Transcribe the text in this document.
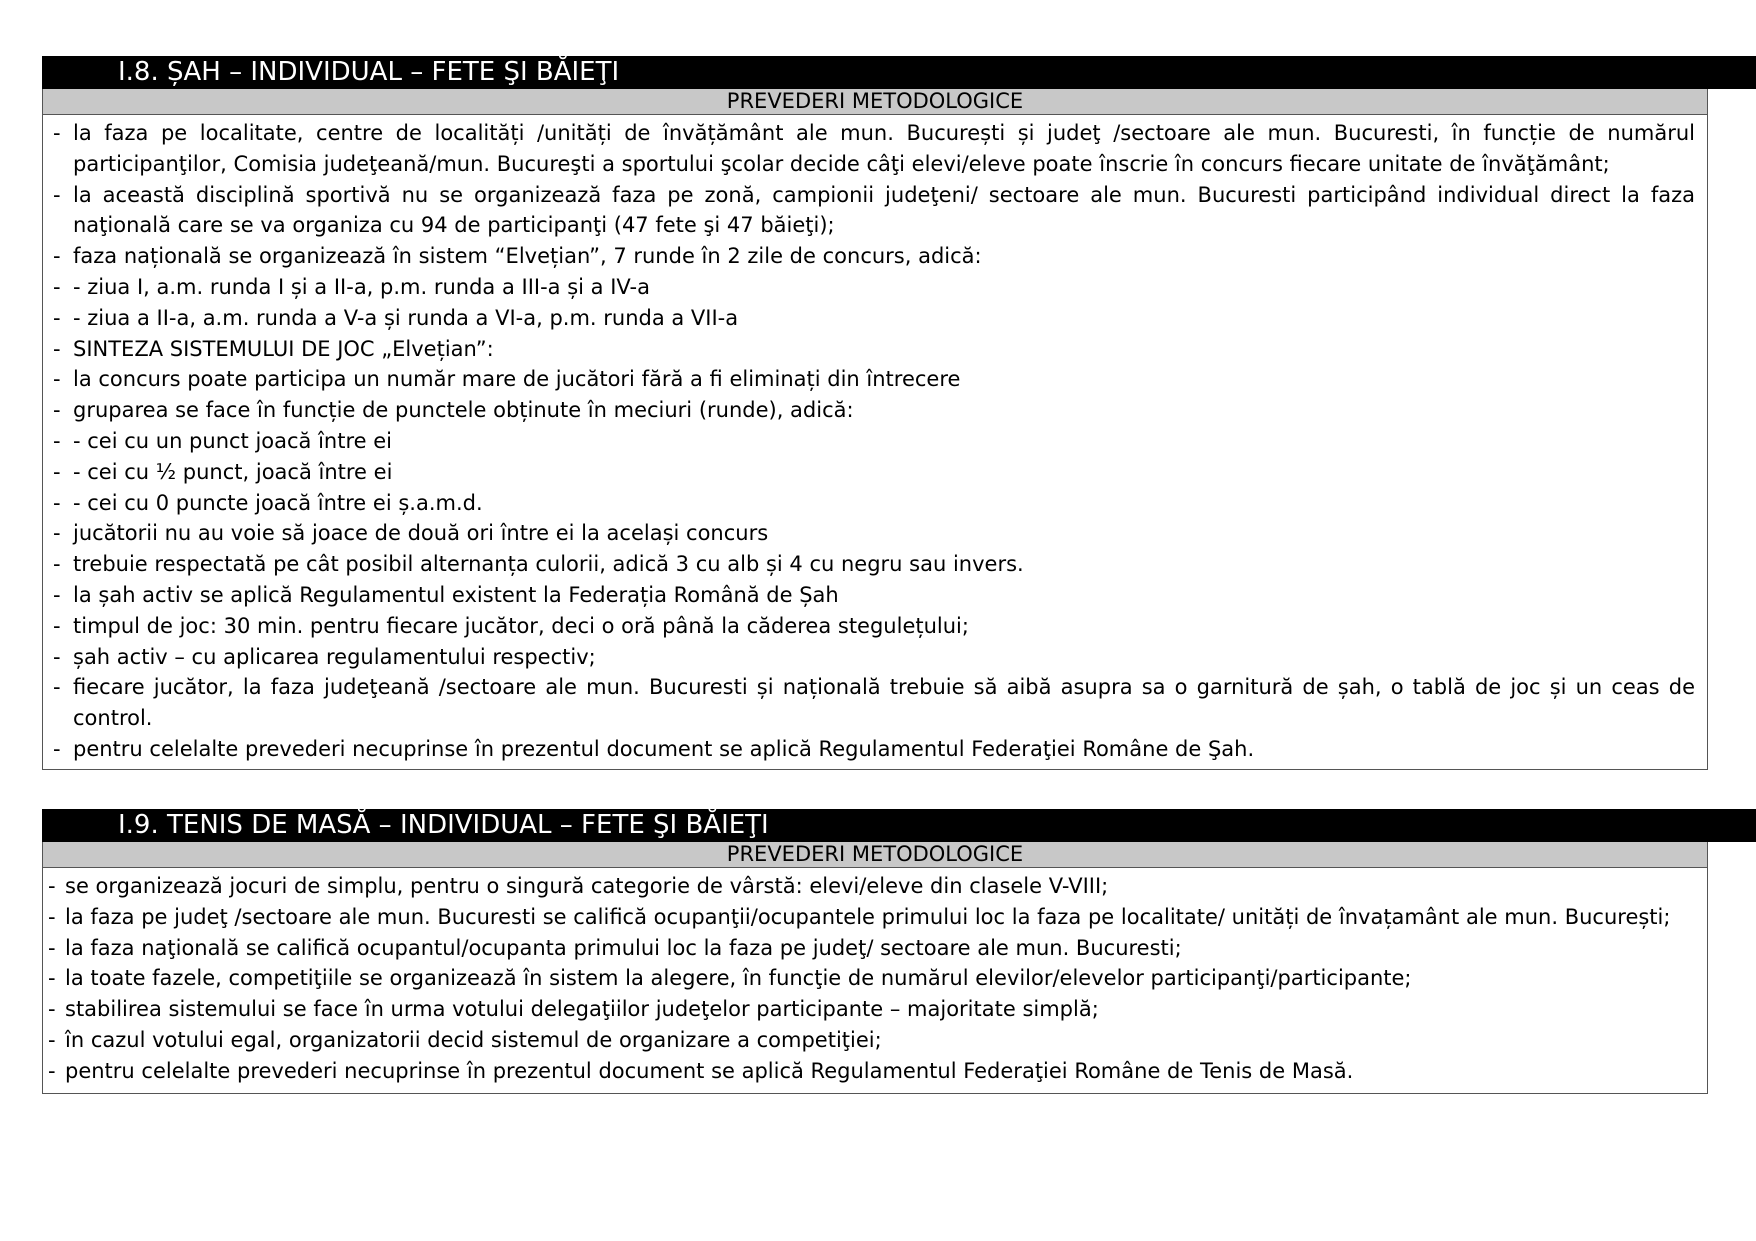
I.8. ȘAH – INDIVIDUAL – FETE ŞI BĂIEŢI
PREVEDERI METODOLOGICE
- la faza pe localitate, centre de localități /unități de învățământ ale mun. București și judeţ /sectoare ale mun. Bucuresti, în funcție de numărul participanţilor, Comisia judeţeană/mun. Bucureşti a sportului şcolar decide câţi elevi/eleve poate înscrie în concurs fiecare unitate de învăţământ;
- la această disciplină sportivă nu se organizează faza pe zonă, campionii judeţeni/ sectoare ale mun. Bucuresti participând individual direct la faza naţională care se va organiza cu 94 de participanţi (47 fete şi 47 băieţi);
- faza națională se organizează în sistem “Elvețian”, 7 runde în 2 zile de concurs, adică:
- - ziua I, a.m. runda I și a II-a, p.m. runda a III-a și a IV-a
- - ziua a II-a, a.m. runda a V-a și runda a VI-a, p.m. runda a VII-a
- SINTEZA SISTEMULUI DE JOC „Elvețian”:
- la concurs poate participa un număr mare de jucători fără a fi eliminați din întrecere
- gruparea se face în funcție de punctele obținute în meciuri (runde), adică:
- - cei cu un punct joacă între ei
- - cei cu ½ punct, joacă între ei
- - cei cu 0 puncte joacă între ei ș.a.m.d.
- jucătorii nu au voie să joace de două ori între ei la același concurs
- trebuie respectată pe cât posibil alternanța culorii, adică 3 cu alb și 4 cu negru sau invers.
- la șah activ se aplică Regulamentul existent la Federația Română de Șah
- timpul de joc: 30 min. pentru fiecare jucător, deci o oră până la căderea stegulețului;
- șah activ – cu aplicarea regulamentului respectiv;
- fiecare jucător, la faza judeţeană /sectoare ale mun. Bucuresti și națională trebuie să aibă asupra sa o garnitură de șah, o tablă de joc și un ceas de control.
- pentru celelalte prevederi necuprinse în prezentul document se aplică Regulamentul Federaţiei Române de Şah.
I.9. TENIS DE MASĂ – INDIVIDUAL – FETE ŞI BĂIEŢI
PREVEDERI METODOLOGICE
- se organizează jocuri de simplu, pentru o singură categorie de vârstă: elevi/eleve din clasele V-VIII;
- la faza pe judeţ /sectoare ale mun. Bucuresti se califică ocupanţii/ocupantele primului loc la faza pe localitate/ unități de învațamânt ale mun. București;
- la faza naţională se califică ocupantul/ocupanta primului loc la faza pe judeţ/ sectoare ale mun. Bucuresti;
- la toate fazele, competiţiile se organizează în sistem la alegere, în funcţie de numărul elevilor/elevelor participanţi/participante;
- stabilirea sistemului se face în urma votului delegaţiilor judeţelor participante – majoritate simplă;
- în cazul votului egal, organizatorii decid sistemul de organizare a competiţiei;
- pentru celelalte prevederi necuprinse în prezentul document se aplică Regulamentul Federaţiei Române de Tenis de Masă.
